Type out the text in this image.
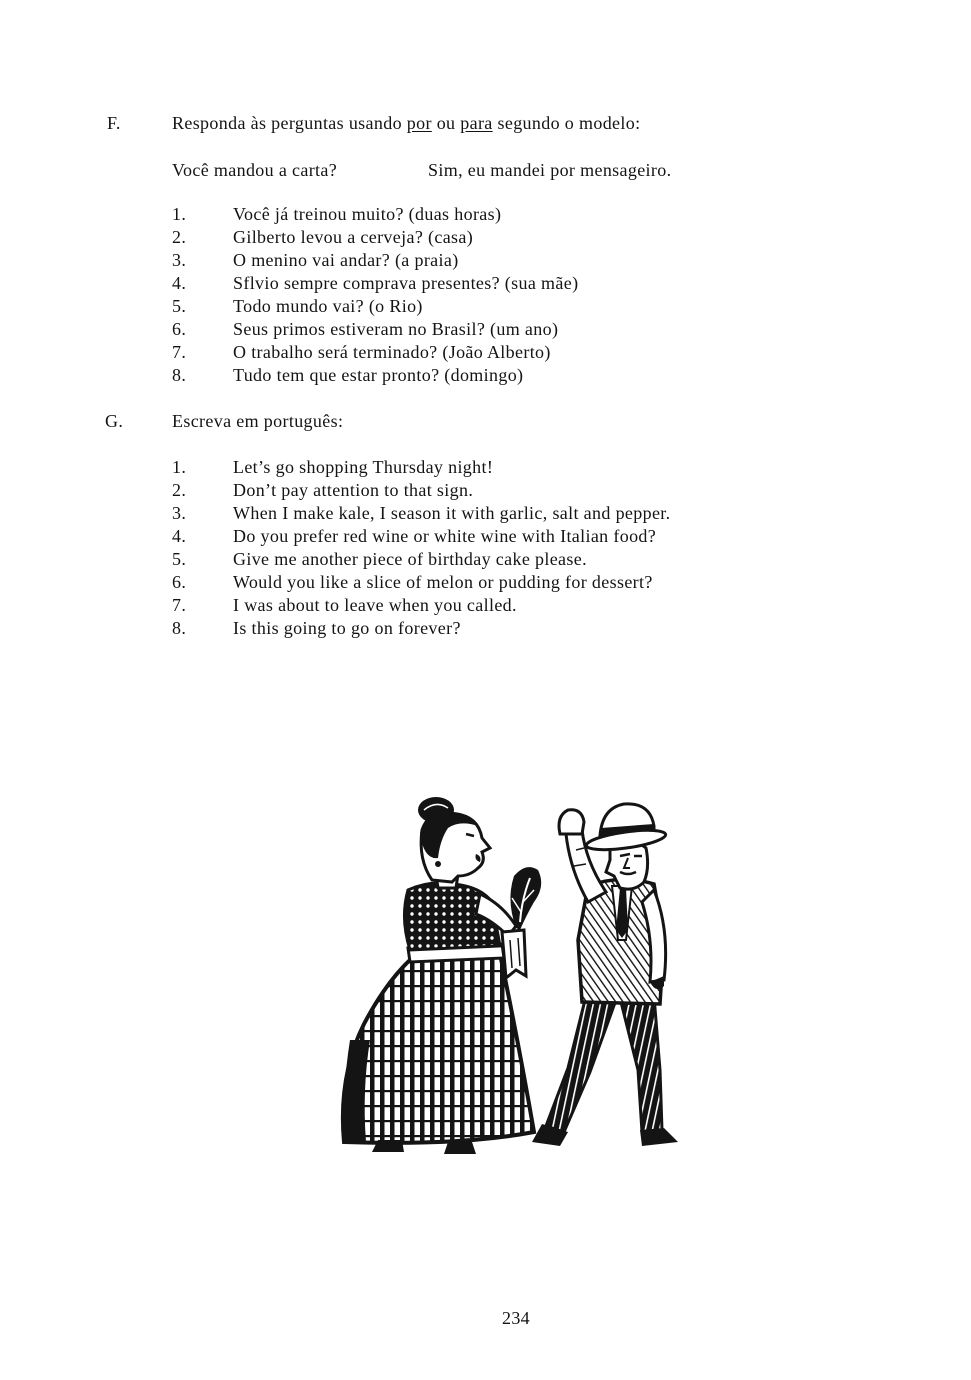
F.	Responda às perguntas usando por ou para segundo o modelo:
Você mandou a carta?	Sim, eu mandei por mensageiro.
1.	Você já treinou muito? (duas horas)
2.	Gilberto levou a cerveja? (casa)
3.	O menino vai andar? (a praia)
4.	Sflvio sempre comprava presentes? (sua mãe)
5.	Todo mundo vai? (o Rio)
6.	Seus primos estiveram no Brasil? (um ano)
7.	O trabalho será terminado? (João Alberto)
8.	Tudo tem que estar pronto? (domingo)
G.	Escreva em português:
1.	Let’s go shopping Thursday night!
2.	Don’t pay attention to that sign.
3.	When I make kale, I season it with garlic, salt and pepper.
4.	Do you prefer red wine or white wine with Italian food?
5.	Give me another piece of birthday cake please.
6.	Would you like a slice of melon or pudding for dessert?
7.	I was about to leave when you called.
8.	Is this going to go on forever?
234
